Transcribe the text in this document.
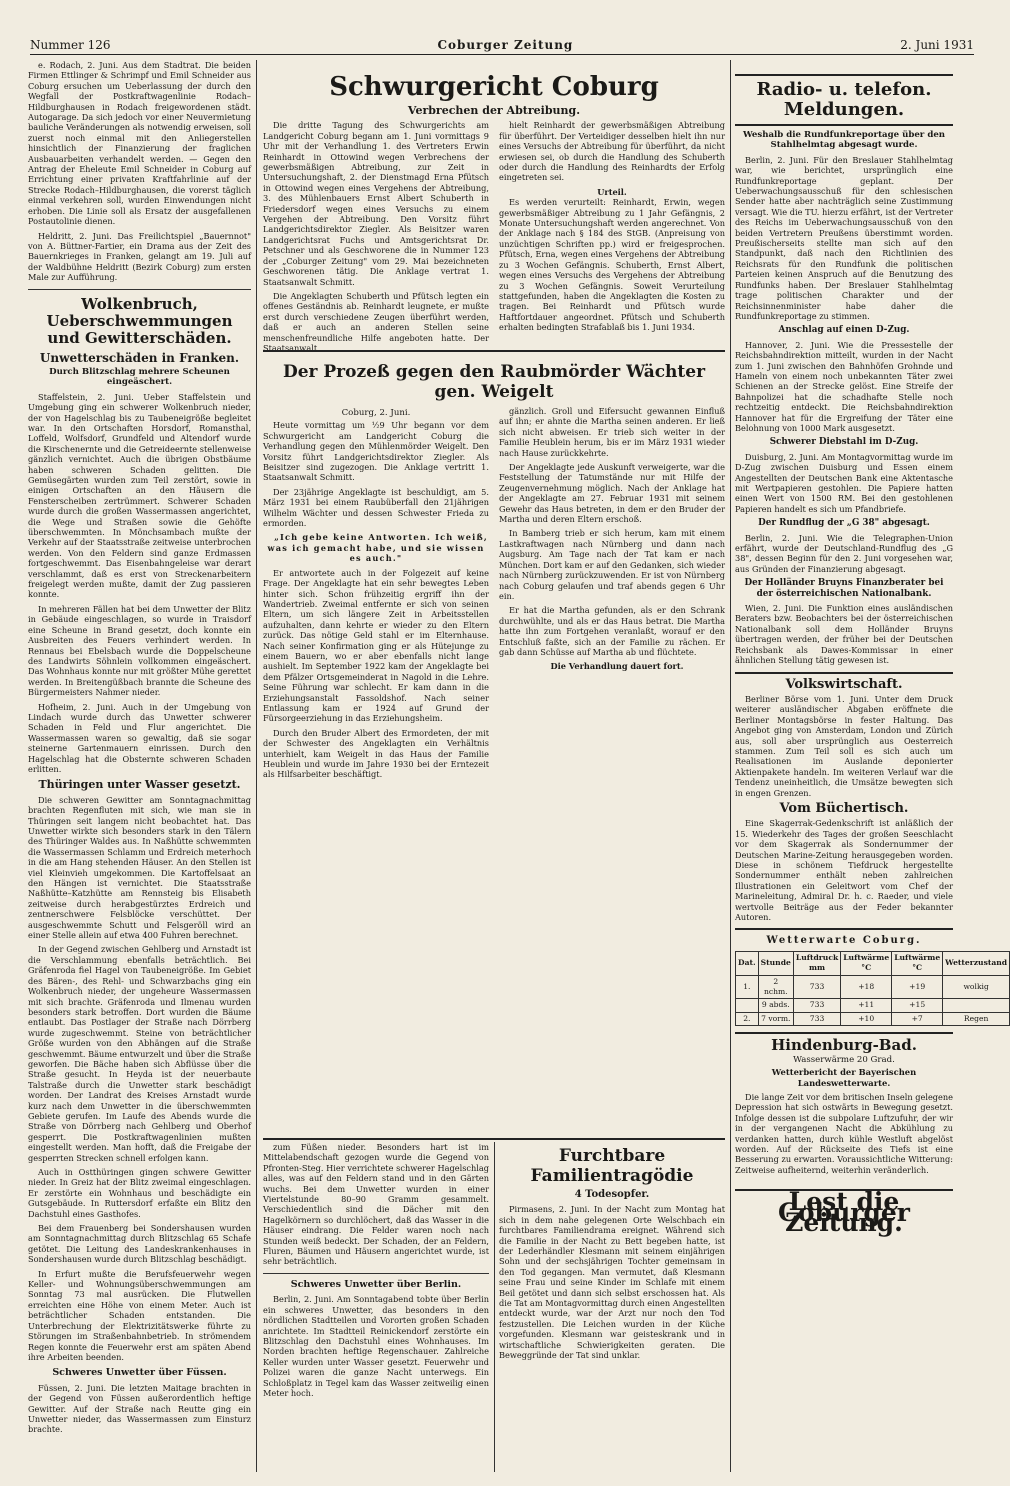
Nummer 126	Coburger Zeitung	2. Juni 1931

e. Rodach, 2. Juni. Aus dem Stadtrat. Die beiden Firmen Ettlinger & Schrimpf und Emil Schneider aus Coburg ersuchen um Ueberlassung der durch den Wegfall der Postkraftwagenlinie Rodach–Hildburghausen in Rodach freigewordenen städt. Autogarage. Da sich jedoch vor einer Neuvermietung bauliche Veränderungen als notwendig erweisen, soll zuerst noch einmal mit den Anliegerstellen hinsichtlich der Finanzierung der fraglichen Ausbauarbeiten verhandelt werden. — Gegen den Antrag der Eheleute Emil Schneider in Coburg auf Errichtung einer privaten Kraftfahrlinie auf der Strecke Rodach–Hildburghausen, die vorerst täglich einmal verkehren soll, wurden Einwendungen nicht erhoben. Die Linie soll als Ersatz der ausgefallenen Postautolinie dienen.

Heldritt, 2. Juni. Das Freilichtspiel „Bauernnot" von A. Büttner-Fartier, ein Drama aus der Zeit des Bauernkrieges in Franken, gelangt am 19. Juli auf der Waldbühne Heldritt (Bezirk Coburg) zum ersten Male zur Aufführung.

Wolkenbruch, Ueberschwemmungen und Gewitterschäden.
Unwetterschäden in Franken.
Durch Blitzschlag mehrere Scheunen eingeäschert.

Staffelstein, 2. Juni. Ueber Staffelstein und Umgebung ging ein schwerer Wolkenbruch nieder, der von Hagelschlag bis zu Taubeneigröße begleitet war. In den Ortschaften Horsdorf, Romansthal, Loffeld, Wolfsdorf, Grundfeld und Altendorf wurde die Kirschenernte und die Getreideernte stellenweise gänzlich vernichtet. Auch die übrigen Obstbäume haben schweren Schaden gelitten. Die Gemüsegärten wurden zum Teil zerstört, sowie in einigen Ortschaften an den Häusern die Fensterscheiben zertrümmert. Schwerer Schaden wurde durch die großen Wassermassen angerichtet, die Wege und Straßen sowie die Gehöfte überschwemmten. In Mönchsambach mußte der Verkehr auf der Staatsstraße zeitweise unterbrochen werden. Von den Feldern sind ganze Erdmassen fortgeschwemmt. Das Eisenbahngeleise war derart verschlammt, daß es erst von Streckenarbeitern freigelegt werden mußte, damit der Zug passieren konnte.

In mehreren Fällen hat bei dem Unwetter der Blitz in Gebäude eingeschlagen, so wurde in Traisdorf eine Scheune in Brand gesetzt, doch konnte ein Ausbreiten des Feuers verhindert werden. In Rennaus bei Ebelsbach wurde die Doppelscheune des Landwirts Söhnlein vollkommen eingeäschert. Das Wohnhaus konnte nur mit größter Mühe gerettet werden. In Breitengüßbach brannte die Scheune des Bürgermeisters Nahmer nieder.

Hofheim, 2. Juni. Auch in der Umgebung von Lindach wurde durch das Unwetter schwerer Schaden in Feld und Flur angerichtet. Die Wassermassen waren so gewaltig, daß sie sogar steinerne Gartenmauern einrissen. Durch den Hagelschlag hat die Obsternte schweren Schaden erlitten.

Thüringen unter Wasser gesetzt.

Die schweren Gewitter am Sonntagnachmittag brachten Regenfluten mit sich, wie man sie in Thüringen seit langem nicht beobachtet hat. Das Unwetter wirkte sich besonders stark in den Tälern des Thüringer Waldes aus. In Naßhütte schwemmten die Wassermassen Schlamm und Erdreich meterhoch in die am Hang stehenden Häuser. An den Stellen ist viel Kleinvieh umgekommen. Die Kartoffelsaat an den Hängen ist vernichtet. Die Staatsstraße Naßhütte–Katzhütte am Rennsteig bis Elisabeth zeitweise durch herabgestürztes Erdreich und zentnerschwere Felsblöcke verschüttet. Der ausgeschwemmte Schutt und Felsgeröll wird an einer Stelle allein auf etwa 400 Fuhren berechnet.

In der Gegend zwischen Gehlberg und Arnstadt ist die Verschlammung ebenfalls beträchtlich. Bei Gräfenroda fiel Hagel von Taubeneigröße. Im Gebiet des Bären-, des Rehl- und Schwarzbachs ging ein Wolkenbruch nieder, der ungeheure Wassermassen mit sich brachte. Gräfenroda und Ilmenau wurden besonders stark betroffen. Dort wurden die Bäume entlaubt. Das Postlager der Straße nach Dörrberg wurde zugeschwemmt. Steine von beträchtlicher Größe wurden von den Abhängen auf die Straße geschwemmt. Bäume entwurzelt und über die Straße geworfen. Die Bäche haben sich Abflüsse über die Straße gesucht. In Heyda ist der neuerbaute Talstraße durch die Unwetter stark beschädigt worden. Der Landrat des Kreises Arnstadt wurde kurz nach dem Unwetter in die überschwemmten Gebiete gerufen. Im Laufe des Abends wurde die Straße von Dörrberg nach Gehlberg und Oberhof gesperrt. Die Postkraftwagenlinien mußten eingestellt werden. Man hofft, daß die Freigabe der gesperrten Strecken schnell erfolgen kann.

Auch in Ostthüringen gingen schwere Gewitter nieder. In Greiz hat der Blitz zweimal eingeschlagen. Er zerstörte ein Wohnhaus und beschädigte ein Gutsgebäude. In Ruttersdorf erfaßte ein Blitz den Dachstuhl eines Gasthofes.

Bei dem Frauenberg bei Sondershausen wurden am Sonntagnachmittag durch Blitzschlag 65 Schafe getötet. Die Leitung des Landeskrankenhauses in Sondershausen wurde durch Blitzschlag beschädigt.

In Erfurt mußte die Berufsfeuerwehr wegen Keller- und Wohnungsüberschwemmungen am Sonntag 73 mal ausrücken. Die Flutwellen erreichten eine Höhe von einem Meter. Auch ist beträchtlicher Schaden entstanden. Die Unterbrechung der Elektrizitätswerke führte zu Störungen im Straßenbahnbetrieb. In strömendem Regen konnte die Feuerwehr erst am späten Abend ihre Arbeiten beenden.

Schweres Unwetter über Füssen.

Füssen, 2. Juni. Die letzten Maitage brachten in der Gegend von Füssen außerordentlich heftige Gewitter. Auf der Straße nach Reutte ging ein Unwetter nieder, das Wassermassen zum Einsturz brachte.

Schwurgericht Coburg
Verbrechen der Abtreibung.

Die dritte Tagung des Schwurgerichts am Landgericht Coburg begann am 1. Juni vormittags 9 Uhr mit der Verhandlung 1. des Vertreters Erwin Reinhardt in Ottowind wegen Verbrechens der gewerbsmäßigen Abtreibung, zur Zeit in Untersuchungshaft, 2. der Dienstmagd Erna Pfütsch in Ottowind wegen eines Vergehens der Abtreibung, 3. des Mühlenbauers Ernst Albert Schuberth in Friedersdorf wegen eines Versuchs zu einem Vergehen der Abtreibung. Den Vorsitz führt Landgerichtsdirektor Ziegler. Als Beisitzer waren Landgerichtsrat Fuchs und Amtsgerichtsrat Dr. Petschner und als Geschworene die in Nummer 123 der „Coburger Zeitung" vom 29. Mai bezeichneten Geschworenen tätig. Die Anklage vertrat 1. Staatsanwalt Schmitt.

Die Angeklagten Schuberth und Pfütsch legten ein offenes Geständnis ab. Reinhardt leugnete, er mußte erst durch verschiedene Zeugen überführt werden, daß er auch an anderen Stellen seine menschenfreundliche Hilfe angeboten hatte. Der Staatsanwalt

hielt Reinhardt der gewerbsmäßigen Abtreibung für überführt. Der Verteidiger desselben hielt ihn nur eines Versuchs der Abtreibung für überführt, da nicht erwiesen sei, ob durch die Handlung des Schuberth oder durch die Handlung des Reinhardts der Erfolg eingetreten sei.

Urteil.

Es werden verurteilt: Reinhardt, Erwin, wegen gewerbsmäßiger Abtreibung zu 1 Jahr Gefängnis, 2 Monate Untersuchungshaft werden angerechnet. Von der Anklage nach § 184 des StGB. (Anpreisung von unzüchtigen Schriften pp.) wird er freigesprochen. Pfütsch, Erna, wegen eines Vergehens der Abtreibung zu 3 Wochen Gefängnis. Schuberth, Ernst Albert, wegen eines Versuchs des Vergehens der Abtreibung zu 3 Wochen Gefängnis. Soweit Verurteilung stattgefunden, haben die Angeklagten die Kosten zu tragen. Bei Reinhardt und Pfütsch wurde Haftfortdauer angeordnet. Pfütsch und Schuberth erhalten bedingten Strafablaß bis 1. Juni 1934.

Der Prozeß gegen den Raubmörder Wächter gen. Weigelt
Coburg, 2. Juni.

Heute vormittag um ½9 Uhr begann vor dem Schwurgericht am Landgericht Coburg die Verhandlung gegen den Mühlenmörder Weigelt. Den Vorsitz führt Landgerichtsdirektor Ziegler. Als Beisitzer sind zugezogen. Die Anklage vertritt 1. Staatsanwalt Schmitt.

Der 23jährige Angeklagte ist beschuldigt, am 5. März 1931 bei einem Raubüberfall den 21jährigen Wilhelm Wächter und dessen Schwester Frieda zu ermorden.

„Ich gebe keine Antworten. Ich weiß, was ich gemacht habe, und sie wissen es auch."

Er antwortete auch in der Folgezeit auf keine Frage. Der Angeklagte hat ein sehr bewegtes Leben hinter sich. Schon frühzeitig ergriff ihn der Wandertrieb. Zweimal entfernte er sich von seinen Eltern, um sich längere Zeit in Arbeitsstellen aufzuhalten, dann kehrte er wieder zu den Eltern zurück. Das nötige Geld stahl er im Elternhause. Nach seiner Konfirmation ging er als Hütejunge zu einem Bauern, wo er aber ebenfalls nicht lange aushielt. Im September 1922 kam der Angeklagte bei dem Pfälzer Ortsgemeinderat in Nagold in die Lehre. Seine Führung war schlecht. Er kam dann in die Erziehungsanstalt Fassoldshof. Nach seiner Entlassung kam er 1924 auf Grund der Fürsorgeerziehung in das Erziehungsheim.

Durch den Bruder Albert des Ermordeten, der mit der Schwester des Angeklagten ein Verhältnis unterhielt, kam Weigelt in das Haus der Familie Heublein und wurde im Jahre 1930 bei der Erntezeit als Hilfsarbeiter beschäftigt.

gänzlich. Groll und Eifersucht gewannen Einfluß auf ihn; er ahnte die Martha seinen anderen. Er ließ sich nicht abweisen. Er trieb sich weiter in der Familie Heublein herum, bis er im März 1931 wieder nach Hause zurückkehrte.

Der Angeklagte jede Auskunft verweigerte, war die Feststellung der Tatumstände nur mit Hilfe der Zeugenvernehmung möglich. Nach der Anklage hat der Angeklagte am 27. Februar 1931 mit seinem Gewehr das Haus betreten, in dem er den Bruder der Martha und deren Eltern erschoß.

In Bamberg trieb er sich herum, kam mit einem Lastkraftwagen nach Nürnberg und dann nach Augsburg. Am Tage nach der Tat kam er nach München. Dort kam er auf den Gedanken, sich wieder nach Nürnberg zurückzuwenden. Er ist von Nürnberg nach Coburg gelaufen und traf abends gegen 6 Uhr ein.

Er hat die Martha gefunden, als er den Schrank durchwühlte, und als er das Haus betrat. Die Martha hatte ihn zum Fortgehen veranlaßt, worauf er den Entschluß faßte, sich an der Familie zu rächen. Er gab dann Schüsse auf Martha ab und flüchtete.

Die Verhandlung dauert fort.

zum Füßen nieder. Besonders hart ist im Mittelabendschaft gezogen wurde die Gegend von Pfronten-Steg. Hier verrichtete schwerer Hagelschlag alles, was auf den Feldern stand und in den Gärten wuchs. Bei dem Unwetter wurden in einer Viertelstunde 80–90 Gramm gesammelt. Verschiedentlich sind die Dächer mit den Hagelkörnern so durchlöchert, daß das Wasser in die Häuser eindrang. Die Felder waren noch nach Stunden weiß bedeckt. Der Schaden, der an Feldern, Fluren, Bäumen und Häusern angerichtet wurde, ist sehr beträchtlich.

Schweres Unwetter über Berlin.

Berlin, 2. Juni. Am Sonntagabend tobte über Berlin ein schweres Unwetter, das besonders in den nördlichen Stadtteilen und Vororten großen Schaden anrichtete. Im Stadtteil Reinickendorf zerstörte ein Blitzschlag den Dachstuhl eines Wohnhauses. Im Norden brachten heftige Regenschauer. Zahlreiche Keller wurden unter Wasser gesetzt. Feuerwehr und Polizei waren die ganze Nacht unterwegs. Ein Schloßplatz in Tegel kam das Wasser zeitweilig einen Meter hoch.

Furchtbare Familientragödie
4 Todesopfer.

Pirmasens, 2. Juni. In der Nacht zum Montag hat sich in dem nahe gelegenen Orte Welschbach ein furchtbares Familiendrama ereignet. Während sich die Familie in der Nacht zu Bett begeben hatte, ist der Lederhändler Klesmann mit seinem einjährigen Sohn und der sechsjährigen Tochter gemeinsam in den Tod gegangen. Man vermutet, daß Klesmann seine Frau und seine Kinder im Schlafe mit einem Beil getötet und dann sich selbst erschossen hat. Als die Tat am Montagvormittag durch einen Angestellten entdeckt wurde, war der Arzt nur noch den Tod festzustellen. Die Leichen wurden in der Küche vorgefunden. Klesmann war geisteskrank und in wirtschaftliche Schwierigkeiten geraten. Die Beweggründe der Tat sind unklar.

Radio- u. telefon. Meldungen.
Weshalb die Rundfunkreportage über den Stahlhelmtag abgesagt wurde.

Berlin, 2. Juni. Für den Breslauer Stahlhelmtag war, wie berichtet, ursprünglich eine Rundfunkreportage geplant. Der Ueberwachungsausschuß für den schlesischen Sender hatte aber nachträglich seine Zustimmung versagt. Wie die TU. hierzu erfährt, ist der Vertreter des Reichs im Ueberwachungsausschuß von den beiden Vertretern Preußens überstimmt worden. Preußischerseits stellte man sich auf den Standpunkt, daß nach den Richtlinien des Reichsrats für den Rundfunk die politischen Parteien keinen Anspruch auf die Benutzung des Rundfunks haben. Der Breslauer Stahlhelmtag trage politischen Charakter und der Reichsinnenminister habe daher die Rundfunkreportage zu stimmen.

Anschlag auf einen D-Zug.

Hannover, 2. Juni. Wie die Pressestelle der Reichsbahndirektion mitteilt, wurden in der Nacht zum 1. Juni zwischen den Bahnhöfen Grohnde und Hameln von einem noch unbekannten Täter zwei Schienen an der Strecke gelöst. Eine Streife der Bahnpolizei hat die schadhafte Stelle noch rechtzeitig entdeckt. Die Reichsbahndirektion Hannover hat für die Ergreifung der Täter eine Belohnung von 1000 Mark ausgesetzt.

Schwerer Diebstahl im D-Zug.

Duisburg, 2. Juni. Am Montagvormittag wurde im D-Zug zwischen Duisburg und Essen einem Angestellten der Deutschen Bank eine Aktentasche mit Wertpapieren gestohlen. Die Papiere hatten einen Wert von 1500 RM. Bei den gestohlenen Papieren handelt es sich um Pfandbriefe.

Der Rundflug der „G 38" abgesagt.

Berlin, 2. Juni. Wie die Telegraphen-Union erfährt, wurde der Deutschland-Rundflug des „G 38", dessen Beginn für den 2. Juni vorgesehen war, aus Gründen der Finanzierung abgesagt.

Der Holländer Bruyns Finanzberater bei der österreichischen Nationalbank.

Wien, 2. Juni. Die Funktion eines ausländischen Beraters bzw. Beobachters bei der österreichischen Nationalbank soll dem Holländer Bruyns übertragen werden, der früher bei der Deutschen Reichsbank als Dawes-Kommissar in einer ähnlichen Stellung tätig gewesen ist.

Volkswirtschaft.

Berliner Börse vom 1. Juni. Unter dem Druck weiterer ausländischer Abgaben eröffnete die Berliner Montagsbörse in fester Haltung. Das Angebot ging von Amsterdam, London und Zürich aus, soll aber ursprünglich aus Oesterreich stammen. Zum Teil soll es sich auch um Realisationen im Auslande deponierter Aktienpakete handeln. Im weiteren Verlauf war die Tendenz uneinheitlich, die Umsätze bewegten sich in engen Grenzen.

Vom Büchertisch.

Eine Skagerrak-Gedenkschrift ist anläßlich der 15. Wiederkehr des Tages der großen Seeschlacht vor dem Skagerrak als Sondernummer der Deutschen Marine-Zeitung herausgegeben worden. Diese in schönem Tiefdruck hergestellte Sondernummer enthält neben zahlreichen Illustrationen ein Geleitwort vom Chef der Marineleitung, Admiral Dr. h. c. Raeder, und viele wertvolle Beiträge aus der Feder bekannter Autoren.

Wetterwarte Coburg.
Dat.	Stunde	Luftdruck mm	Luftwärme °C	Luftwärme °C	Wetterzustand
1.	2 nchm.	733	+18	+19	wolkig
	9 abds.	733	+11	+15	
2.	7 vorm.	733	+10	+7	Regen
Hindenburg-Bad.
Wasserwärme 20 Grad.
Wetterbericht der Bayerischen Landeswetterwarte.

Die lange Zeit vor dem britischen Inseln gelegene Depression hat sich ostwärts in Bewegung gesetzt. Infolge dessen ist die subpolare Luftzufuhr, der wir in der vergangenen Nacht die Abkühlung zu verdanken hatten, durch kühle Westluft abgelöst worden. Auf der Rückseite des Tiefs ist eine Besserung zu erwarten. Voraussichtliche Witterung: Zeitweise aufheiternd, weiterhin veränderlich.

Lest die Coburger Zeitung.
